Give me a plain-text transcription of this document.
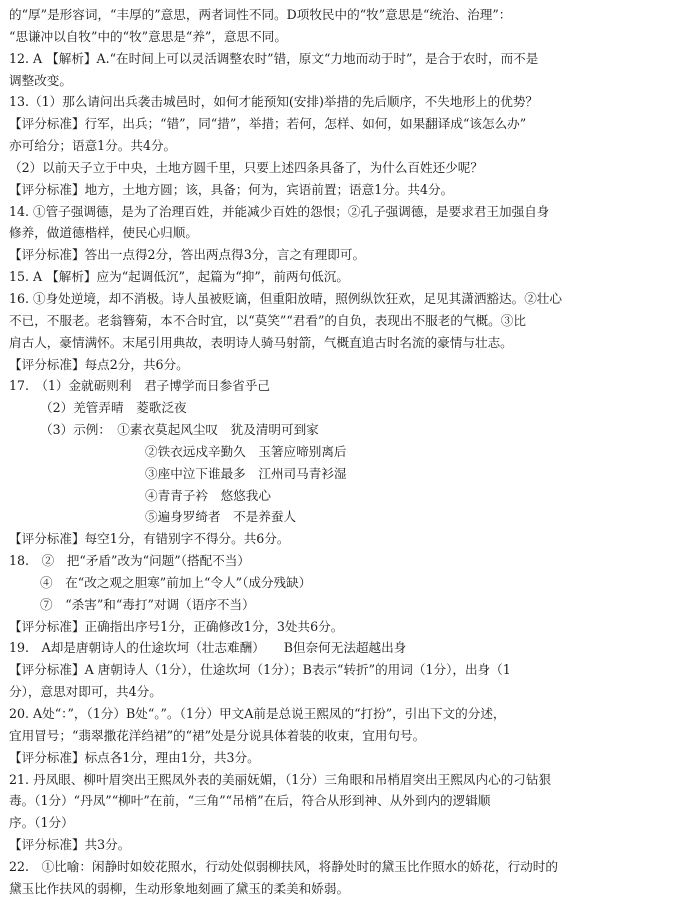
的“厚”是形容词，“丰厚的”意思，两者词性不同。D项牧民中的“牧”意思是“统治、治理”：
“思谦冲以自牧”中的“牧”意思是“养”，意思不同。
12. A 【解析】A.“在时间上可以灵活调整农时”错，原文“力地而动于时”，是合于农时，而不是
调整改变。
13.（1）那么请问出兵袭击城邑时，如何才能预知(安排)举措的先后顺序，不失地形上的优势？
【评分标准】行军，出兵；“错”，同“措”，举措；若何，怎样、如何，如果翻译成“该怎么办”
亦可给分；语意1分。共4分。
（2）以前天子立于中央，土地方圆千里，只要上述四条具备了，为什么百姓还少呢？
【评分标准】地方，土地方圆；该，具备；何为，宾语前置；语意1分。共4分。
14. ①管子强调德，是为了治理百姓，并能减少百姓的怨恨；②孔子强调德，是要求君王加强自身
修养，做道德楷样，使民心归顺。
【评分标准】答出一点得2分，答出两点得3分，言之有理即可。
15. A 【解析】应为“起调低沉”，起篇为“抑”，前两句低沉。
16. ①身处逆境，却不消极。诗人虽被贬谪，但重阳放晴，照例纵饮狂欢，足见其潇洒豁达。②壮心
不已，不服老。老翁簪菊，本不合时宜，以“莫笑”“君看”的自负，表现出不服老的气概。③比
肩古人，豪情满怀。末尾引用典故，表明诗人骑马射箭，气概直追古时名流的豪情与壮志。
【评分标准】每点2分，共6分。
17.　（1）金就砺则利　君子博学而日参省乎己
（2）羌管弄晴　菱歌泛夜
（3）示例：　①素衣莫起风尘叹　犹及清明可到家
②铁衣远戍辛勤久　玉箸应啼别离后
③座中泣下谁最多　江州司马青衫湿
④青青子衿　悠悠我心
⑤遍身罗绮者　不是养蚕人
【评分标准】每空1分，有错别字不得分。共6分。
18.　②　把“矛盾”改为“问题”（搭配不当）
④　在“改之观之胆寒”前加上“令人”（成分残缺）
⑦　“杀害”和“毒打”对调（语序不当）
【评分标准】正确指出序号1分，正确修改1分，3处共6分。
19.　A却是唐朝诗人的仕途坎坷（壮志难酬）　　B但奈何无法超越出身
【评分标准】A 唐朝诗人（1分），仕途坎坷（1分）；B表示“转折”的用词（1分），出身（1
分），意思对即可，共4分。
20. A处“：”，（1分）B处“。”。（1分）甲文A前是总说王熙凤的“打扮”，引出下文的分述，
宜用冒号；“翡翠撒花洋绉裙”的“裙”处是分说具体着装的收束，宜用句号。
【评分标准】标点各1分，理由1分，共3分。
21. 丹凤眼、柳叶眉突出王熙凤外表的美丽妩媚，（1分）三角眼和吊梢眉突出王熙凤内心的刁钻狠
毒。（1分）“丹凤”“柳叶”在前，“三角”“吊梢”在后，符合从形到神、从外到内的逻辑顺
序。（1分）
【评分标准】共3分。
22.　①比喻：闲静时如姣花照水，行动处似弱柳扶风，将静处时的黛玉比作照水的娇花，行动时的
黛玉比作扶风的弱柳，生动形象地刻画了黛玉的柔美和娇弱。
